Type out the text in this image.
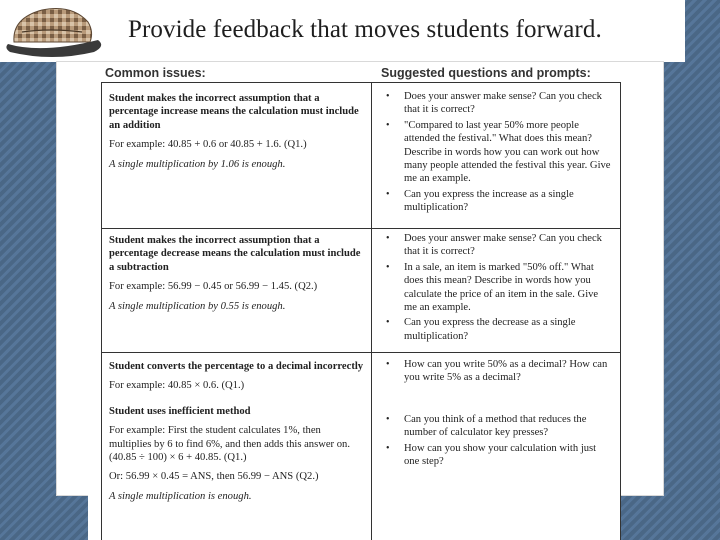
Provide feedback that moves students forward.
Common issues:	Suggested questions and prompts:
Student makes the incorrect assumption that a percentage increase means the calculation must include an addition
For example: 40.85 + 0.6 or 40.85 + 1.6. (Q1.)
A single multiplication by 1.06 is enough.
• Does your answer make sense? Can you check that it is correct?
• "Compared to last year 50% more people attended the festival." What does this mean? Describe in words how you can work out how many people attended the festival this year. Give me an example.
• Can you express the increase as a single multiplication?
Student makes the incorrect assumption that a percentage decrease means the calculation must include a subtraction
For example: 56.99 − 0.45 or 56.99 − 1.45. (Q2.)
A single multiplication by 0.55 is enough.
• Does your answer make sense? Can you check that it is correct?
• In a sale, an item is marked "50% off." What does this mean? Describe in words how you calculate the price of an item in the sale. Give me an example.
• Can you express the decrease as a single multiplication?
Student converts the percentage to a decimal incorrectly
For example: 40.85 × 0.6. (Q1.)
Student uses inefficient method
For example: First the student calculates 1%, then multiplies by 6 to find 6%, and then adds this answer on.
(40.85 ÷ 100) × 6 + 40.85. (Q1.)
Or: 56.99 × 0.45 = ANS, then 56.99 − ANS (Q2.)
A single multiplication is enough.
• How can you write 50% as a decimal? How can you write 5% as a decimal?
• Can you think of a method that reduces the number of calculator key presses?
• How can you show your calculation with just one step?
